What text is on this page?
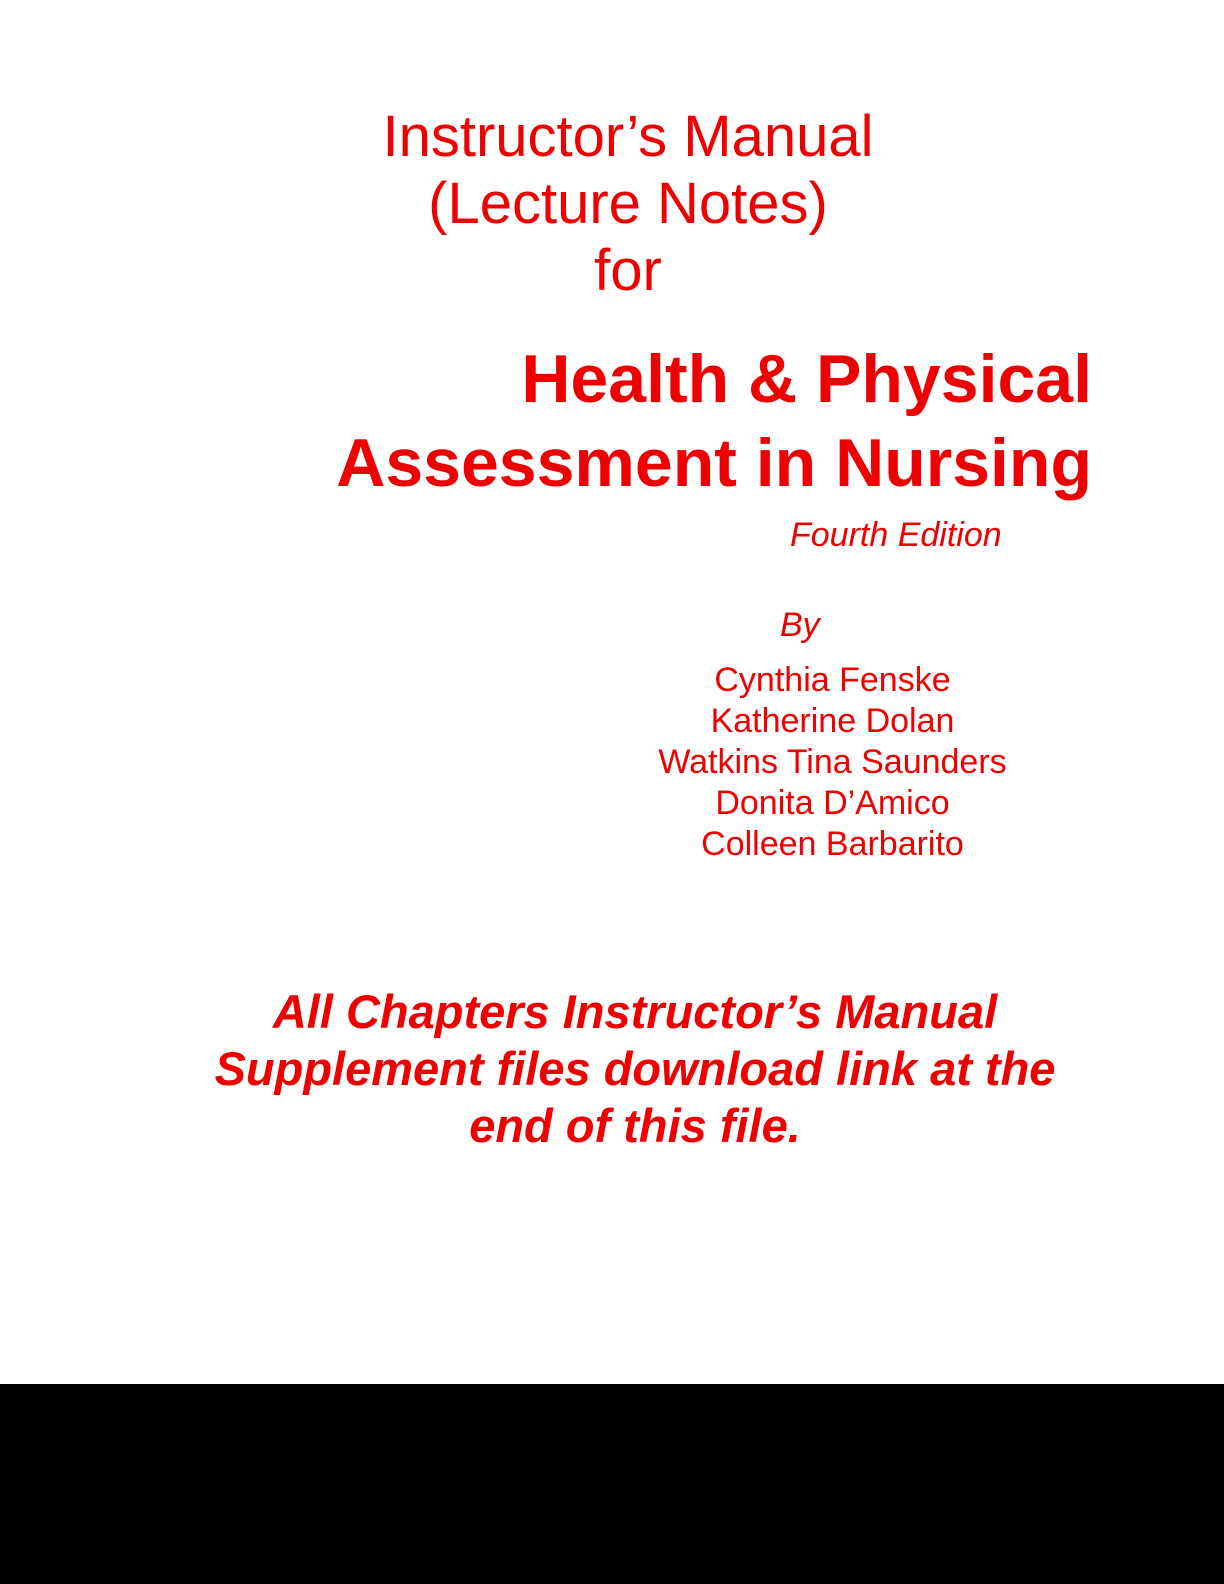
Instructor’s Manual
(Lecture Notes)
for
Health & Physical
Assessment in Nursing
Fourth Edition
By
Cynthia Fenske
Katherine Dolan
Watkins Tina Saunders
Donita D’Amico
Colleen Barbarito
All Chapters Instructor’s Manual
Supplement files download link at the
end of this file.
